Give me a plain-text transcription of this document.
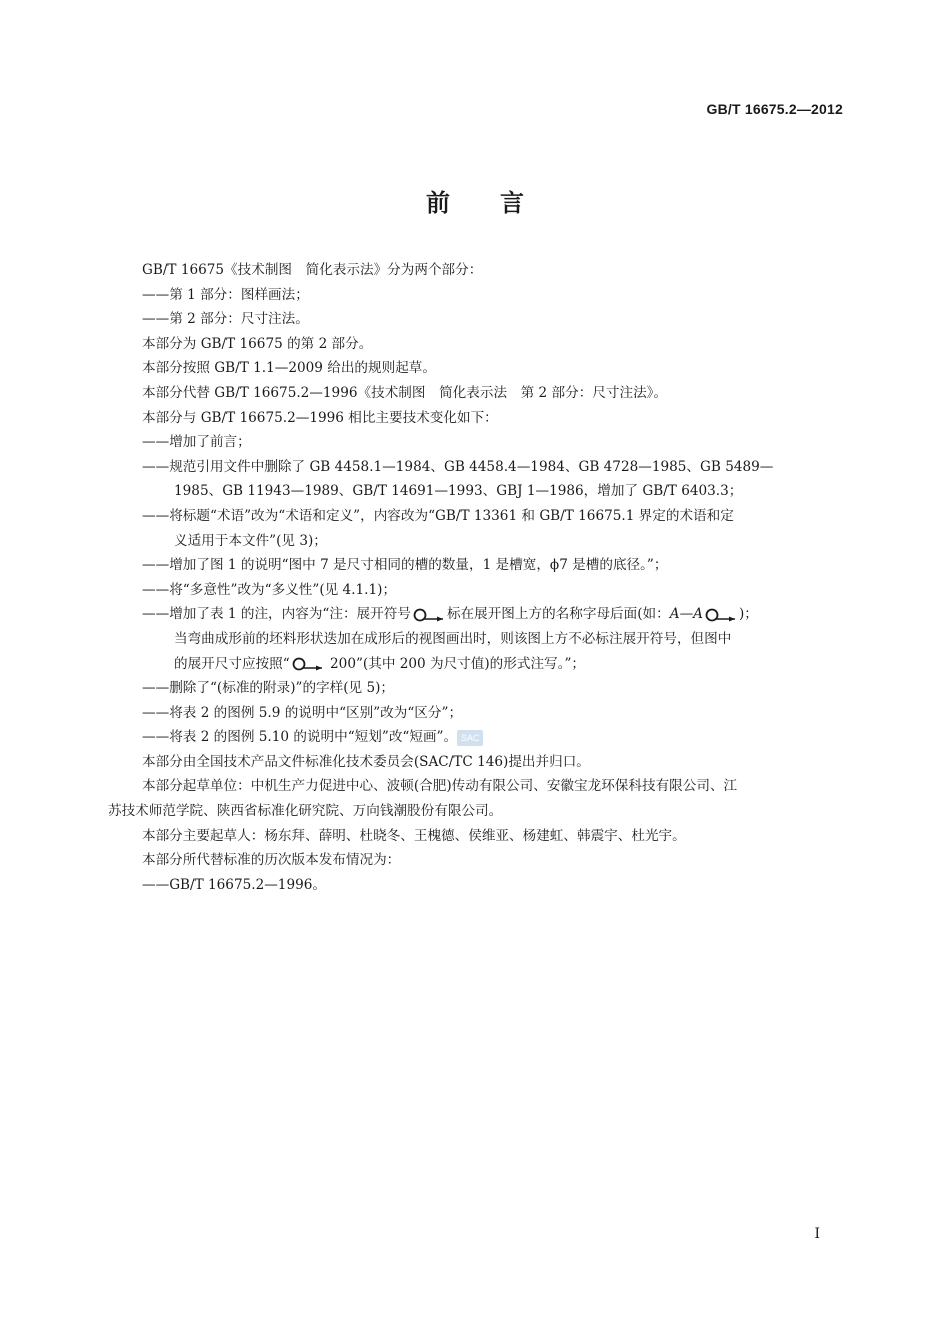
GB/T 16675.2—2012
前言
GB/T 16675《技术制图　简化表示法》分为两个部分：
——第 1 部分：图样画法；
——第 2 部分：尺寸注法。
本部分为 GB/T 16675 的第 2 部分。
本部分按照 GB/T 1.1—2009 给出的规则起草。
本部分代替 GB/T 16675.2—1996《技术制图　简化表示法　第 2 部分：尺寸注法》。
本部分与 GB/T 16675.2—1996 相比主要技术变化如下：
——增加了前言；
——规范引用文件中删除了 GB 4458.1—1984、GB 4458.4—1984、GB 4728—1985、GB 5489—
1985、GB 11943—1989、GB/T 14691—1993、GBJ 1—1986，增加了 GB/T 6403.3；
——将标题“术语”改为“术语和定义”，内容改为“GB/T 13361 和 GB/T 16675.1 界定的术语和定
义适用于本文件”(见 3)；
——增加了图 1 的说明“图中 7 是尺寸相同的槽的数量，1 是槽宽，ϕ7 是槽的底径。”；
——将“多意性”改为“多义性”(见 4.1.1)；
——增加了表 1 的注，内容为“注：展开符号	标在展开图上方的名称字母后面(如：A—A	)；
当弯曲成形前的坯料形状迭加在成形后的视图画出时，则该图上方不必标注展开符号，但图中
的展开尺寸应按照“	200”(其中 200 为尺寸值)的形式注写。”；
——删除了“(标准的附录)”的字样(见 5)；
——将表 2 的图例 5.9 的说明中“区别”改为“区分”；
——将表 2 的图例 5.10 的说明中“短划”改“短画”。 SAC
本部分由全国技术产品文件标准化技术委员会(SAC/TC 146)提出并归口。
本部分起草单位：中机生产力促进中心、波顿(合肥)传动有限公司、安徽宝龙环保科技有限公司、江
苏技术师范学院、陕西省标准化研究院、万向钱潮股份有限公司。
本部分主要起草人：杨东拜、薛明、杜晓冬、王槐德、侯维亚、杨建虹、韩震宇、杜光宇。
本部分所代替标准的历次版本发布情况为：
——GB/T 16675.2—1996。
I
